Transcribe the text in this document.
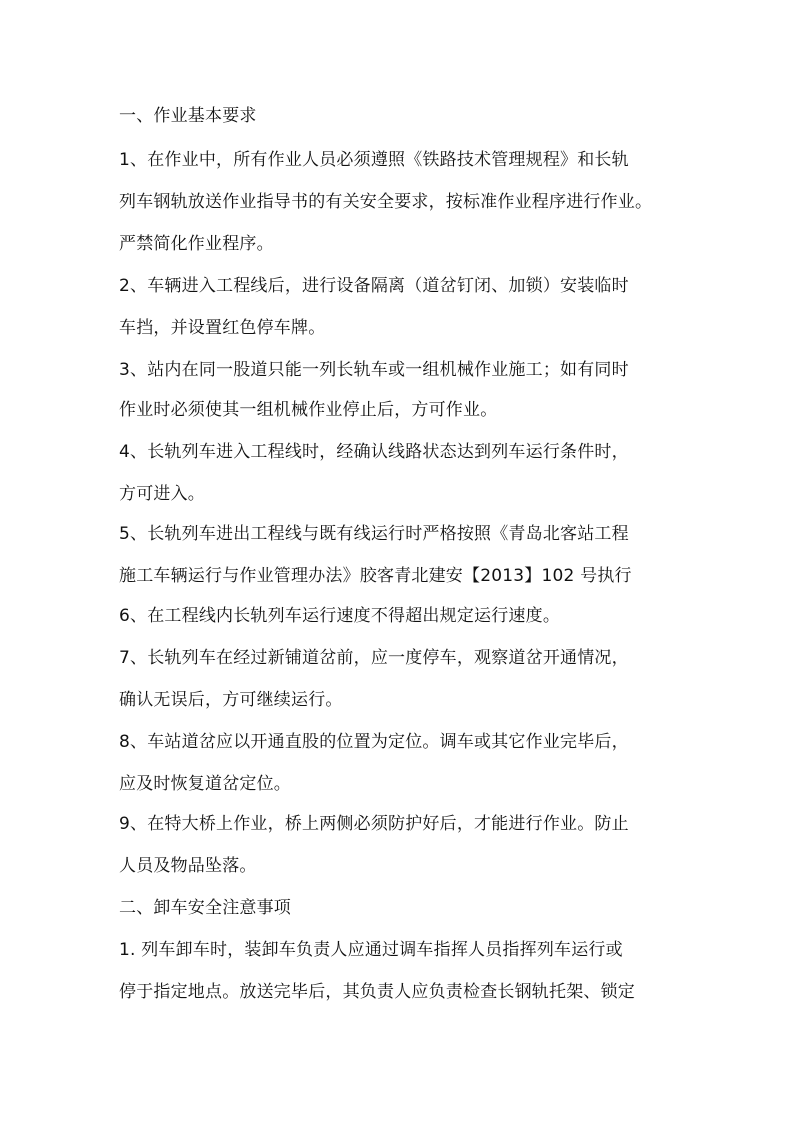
一、作业基本要求
1、在作业中，所有作业人员必须遵照《铁路技术管理规程》和长轨
列车钢轨放送作业指导书的有关安全要求，按标准作业程序进行作业。
严禁简化作业程序。
2、车辆进入工程线后，进行设备隔离（道岔钉闭、加锁）安装临时
车挡，并设置红色停车牌。
3、站内在同一股道只能一列长轨车或一组机械作业施工；如有同时
作业时必须使其一组机械作业停止后，方可作业。
4、长轨列车进入工程线时，经确认线路状态达到列车运行条件时，
方可进入。
5、长轨列车进出工程线与既有线运行时严格按照《青岛北客站工程
施工车辆运行与作业管理办法》胶客青北建安【2013】102 号执行
6、在工程线内长轨列车运行速度不得超出规定运行速度。
7、长轨列车在经过新铺道岔前，应一度停车，观察道岔开通情况，
确认无误后，方可继续运行。
8、车站道岔应以开通直股的位置为定位。调车或其它作业完毕后，
应及时恢复道岔定位。
9、在特大桥上作业，桥上两侧必须防护好后，才能进行作业。防止
人员及物品坠落。
二、卸车安全注意事项
1. 列车卸车时，装卸车负责人应通过调车指挥人员指挥列车运行或
停于指定地点。放送完毕后，其负责人应负责检查长钢轨托架、锁定
